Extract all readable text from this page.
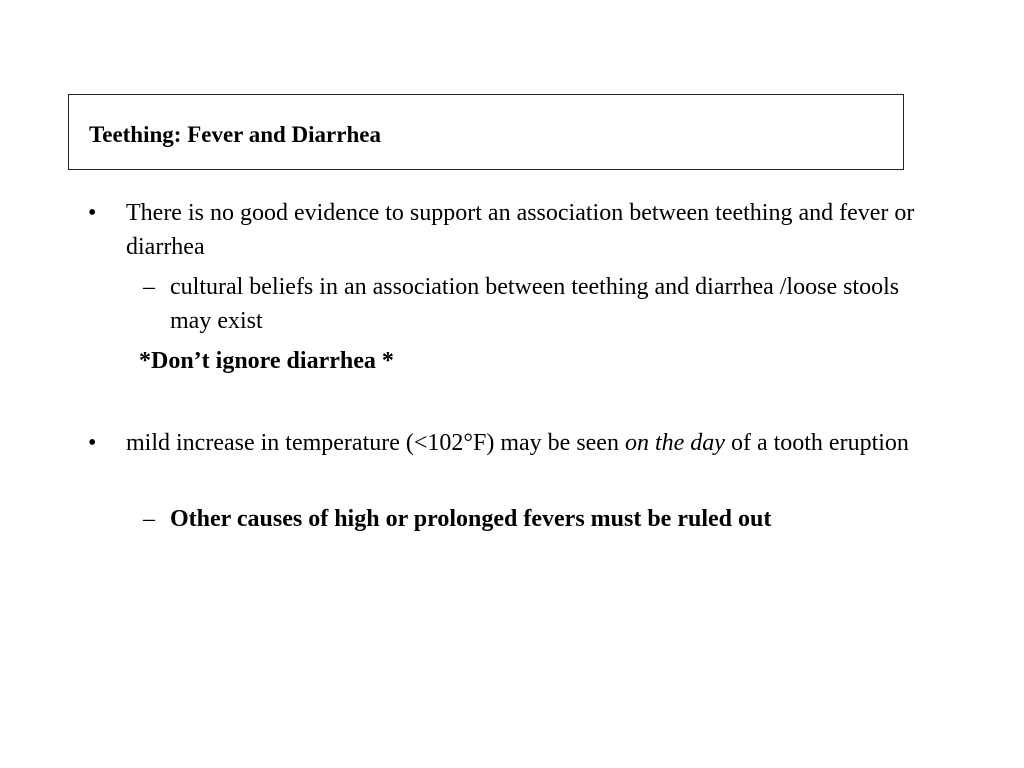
Teething: Fever and Diarrhea
• There is no good evidence to support an association between teething and fever or diarrhea
– cultural beliefs in an association between teething and diarrhea /loose stools may exist
*Don’t ignore diarrhea *
• mild increase in temperature (<102°F) may be seen on the day of a tooth eruption
– Other causes of high or prolonged fevers must be ruled out
